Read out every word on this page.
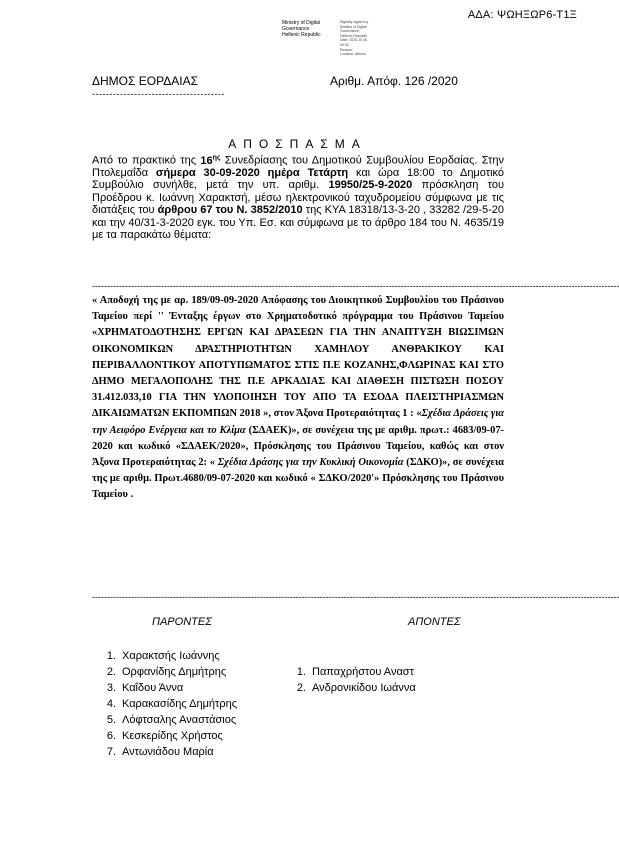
ΑΔΑ: ΨΩΗΞΩΡ6-Τ1Ξ
Ministry of Digital
Governance
Hellenic Republic
Digitally signed by
Ministry of Digital
Governance,
Hellenic Republic
Date: 2020.10.06
09:32
Reason:
Location: Athens
ΔΗΜΟΣ ΕΟΡΔΑΙΑΣ	Αριθμ. Απόφ. 126 /2020
--------------------------------------
ΑΠΟΣΠΑΣΜΑ
Από το πρακτικό της $16^{\eta\varsigma}$ Συνεδρίασης του Δημοτικού Συμβουλίου Εορδαίας. Στην Πτολεμαΐδα σήμερα 30-09-2020 ημέρα Τετάρτη και ώρα 18:00 το Δημοτικό Συμβούλιο συνήλθε, μετά την υπ. αριθμ. 19950/25-9-2020 πρόσκληση του Προέδρου κ. Ιωάννη Χαρακτσή, μέσω ηλεκτρονικού ταχυδρομείου σύμφωνα με τις διατάξεις του άρθρου 67 του Ν. 3852/2010 της ΚΥΑ 18318/13-3-20 , 33282 /29-5-20 και την 40/31-3-2020 εγκ. του Υπ. Εσ. και σύμφωνα με το άρθρο 184 του Ν. 4635/19 με τα παρακάτω θέματα:
--------------------------------------------------------------------------------------------------------------------------------------------------------------------------------
« Αποδοχή της με αρ. 189/09-09-2020 Απόφασης του Διοικητικού Συμβουλίου του Πράσινου Ταμείου περί '' Ένταξης έργων στο Χρηματοδοτικό πρόγραμμα του Πράσινου Ταμείου «ΧΡΗΜΑΤΟΔΟΤΗΣΗΣ ΕΡΓΩΝ ΚΑΙ ΔΡΑΣΕΩΝ ΓΙΑ ΤΗΝ ΑΝΑΠΤΥΞΗ ΒΙΩΣΙΜΩΝ ΟΙΚΟΝΟΜΙΚΩΝ ΔΡΑΣΤΗΡΙΟΤΗΤΩΝ ΧΑΜΗΛΟΥ ΑΝΘΡΑΚΙΚΟΥ ΚΑΙ ΠΕΡΙΒΑΛΛΟΝΤΙΚΟΥ ΑΠΟΤΥΠΩΜΑΤΟΣ ΣΤΙΣ Π.Ε ΚΟΖΑΝΗΣ,ΦΛΩΡΙΝΑΣ ΚΑΙ ΣΤΟ ΔΗΜΟ ΜΕΓΑΛΟΠΟΛΗΣ ΤΗΣ Π.Ε ΑΡΚΑΔΙΑΣ ΚΑΙ ΔΙΑΘΕΣΗ ΠΙΣΤΩΣΗ ΠΟΣΟΥ 31.412.033,10 ΓΙΑ ΤΗΝ ΥΛΟΠΟΙΗΣΗ ΤΟΥ ΑΠΟ ΤΑ ΕΣΟΔΑ ΠΛΕΙΣΤΗΡΙΑΣΜΩΝ ΔΙΚΑΙΩΜΑΤΩΝ ΕΚΠΟΜΠΩΝ 2018 », στον Άξονα Προτεραιότητας 1 : «Σχέδια Δράσεις για την Αειφόρο Ενέργεια και το Κλίμα (ΣΔΑΕΚ)», σε συνέχεια της με αριθμ. πρωτ.: 4683/09-07-2020 και κωδικό «ΣΔΑΕΚ/2020», Πρόσκλησης του Πράσινου Ταμείου, καθώς και στον Άξονα Προτεραιότητας 2: « Σχέδια Δράσης για την Κυκλική Οικονομία (ΣΔΚΟ)», σε συνέχεια της με αριθμ. Πρωτ.4680/09-07-2020 και κωδικό « ΣΔΚΟ/2020'» Πρόσκλησης του Πράσινου Ταμείου .
--------------------------------------------------------------------------------------------------------------------------------------------------------------------------------
ΠΑΡΟΝΤΕΣ	ΑΠΟΝΤΕΣ
1. Χαρακτσής Ιωάννης
2. Ορφανίδης Δημήτρης
3. Καΐδου Άννα
4. Καρακασίδης Δημήτρης
5. Λόφτσαλης Αναστάσιος
6. Κεσκερίδης Χρήστος
7. Αντωνιάδου Μαρία
1. Παπαχρήστου Αναστ
2. Ανδρονικίδου Ιωάννα
